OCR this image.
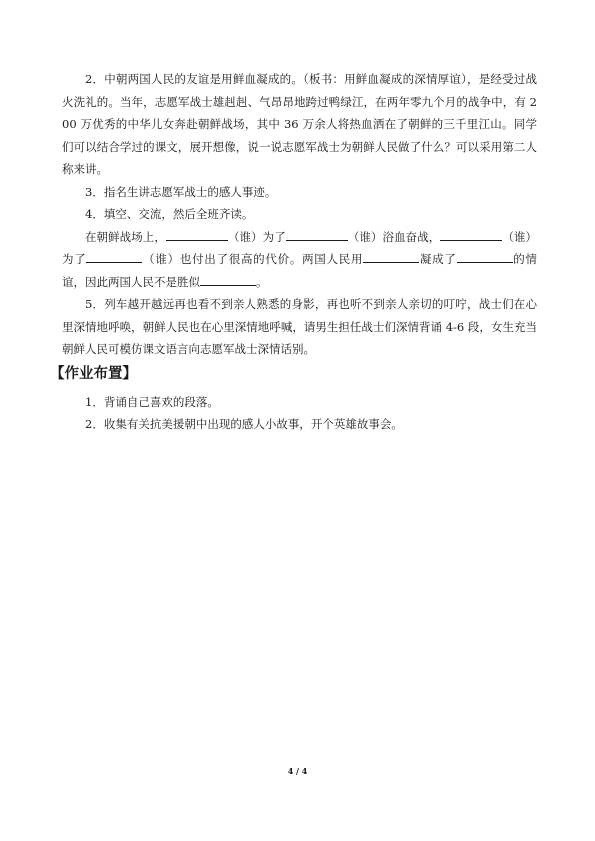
2．中朝两国人民的友谊是用鲜血凝成的。（板书：用鲜血凝成的深情厚谊），是经受过战火洗礼的。当年，志愿军战士雄赳赳、气昂昂地跨过鸭绿江，在两年零九个月的战争中，有 200 万优秀的中华儿女奔赴朝鲜战场，其中 36 万余人将热血洒在了朝鲜的三千里江山。同学们可以结合学过的课文，展开想像，说一说志愿军战士为朝鲜人民做了什么？可以采用第二人称来讲。

3．指名生讲志愿军战士的感人事迹。

4．填空、交流，然后全班齐读。

在朝鲜战场上，	（谁）为了	（谁）浴血奋战，	（谁）为了	（谁）也付出了很高的代价。两国人民用	凝成了	的情谊，因此两国人民不是胜似	。

5．列车越开越远再也看不到亲人熟悉的身影，再也听不到亲人亲切的叮咛，战士们在心里深情地呼唤，朝鲜人民也在心里深情地呼喊，请男生担任战士们深情背诵 4-6 段，女生充当朝鲜人民可模仿课文语言向志愿军战士深情话别。

【作业布置】

1．背诵自己喜欢的段落。

2．收集有关抗美援朝中出现的感人小故事，开个英雄故事会。

4 / 4
